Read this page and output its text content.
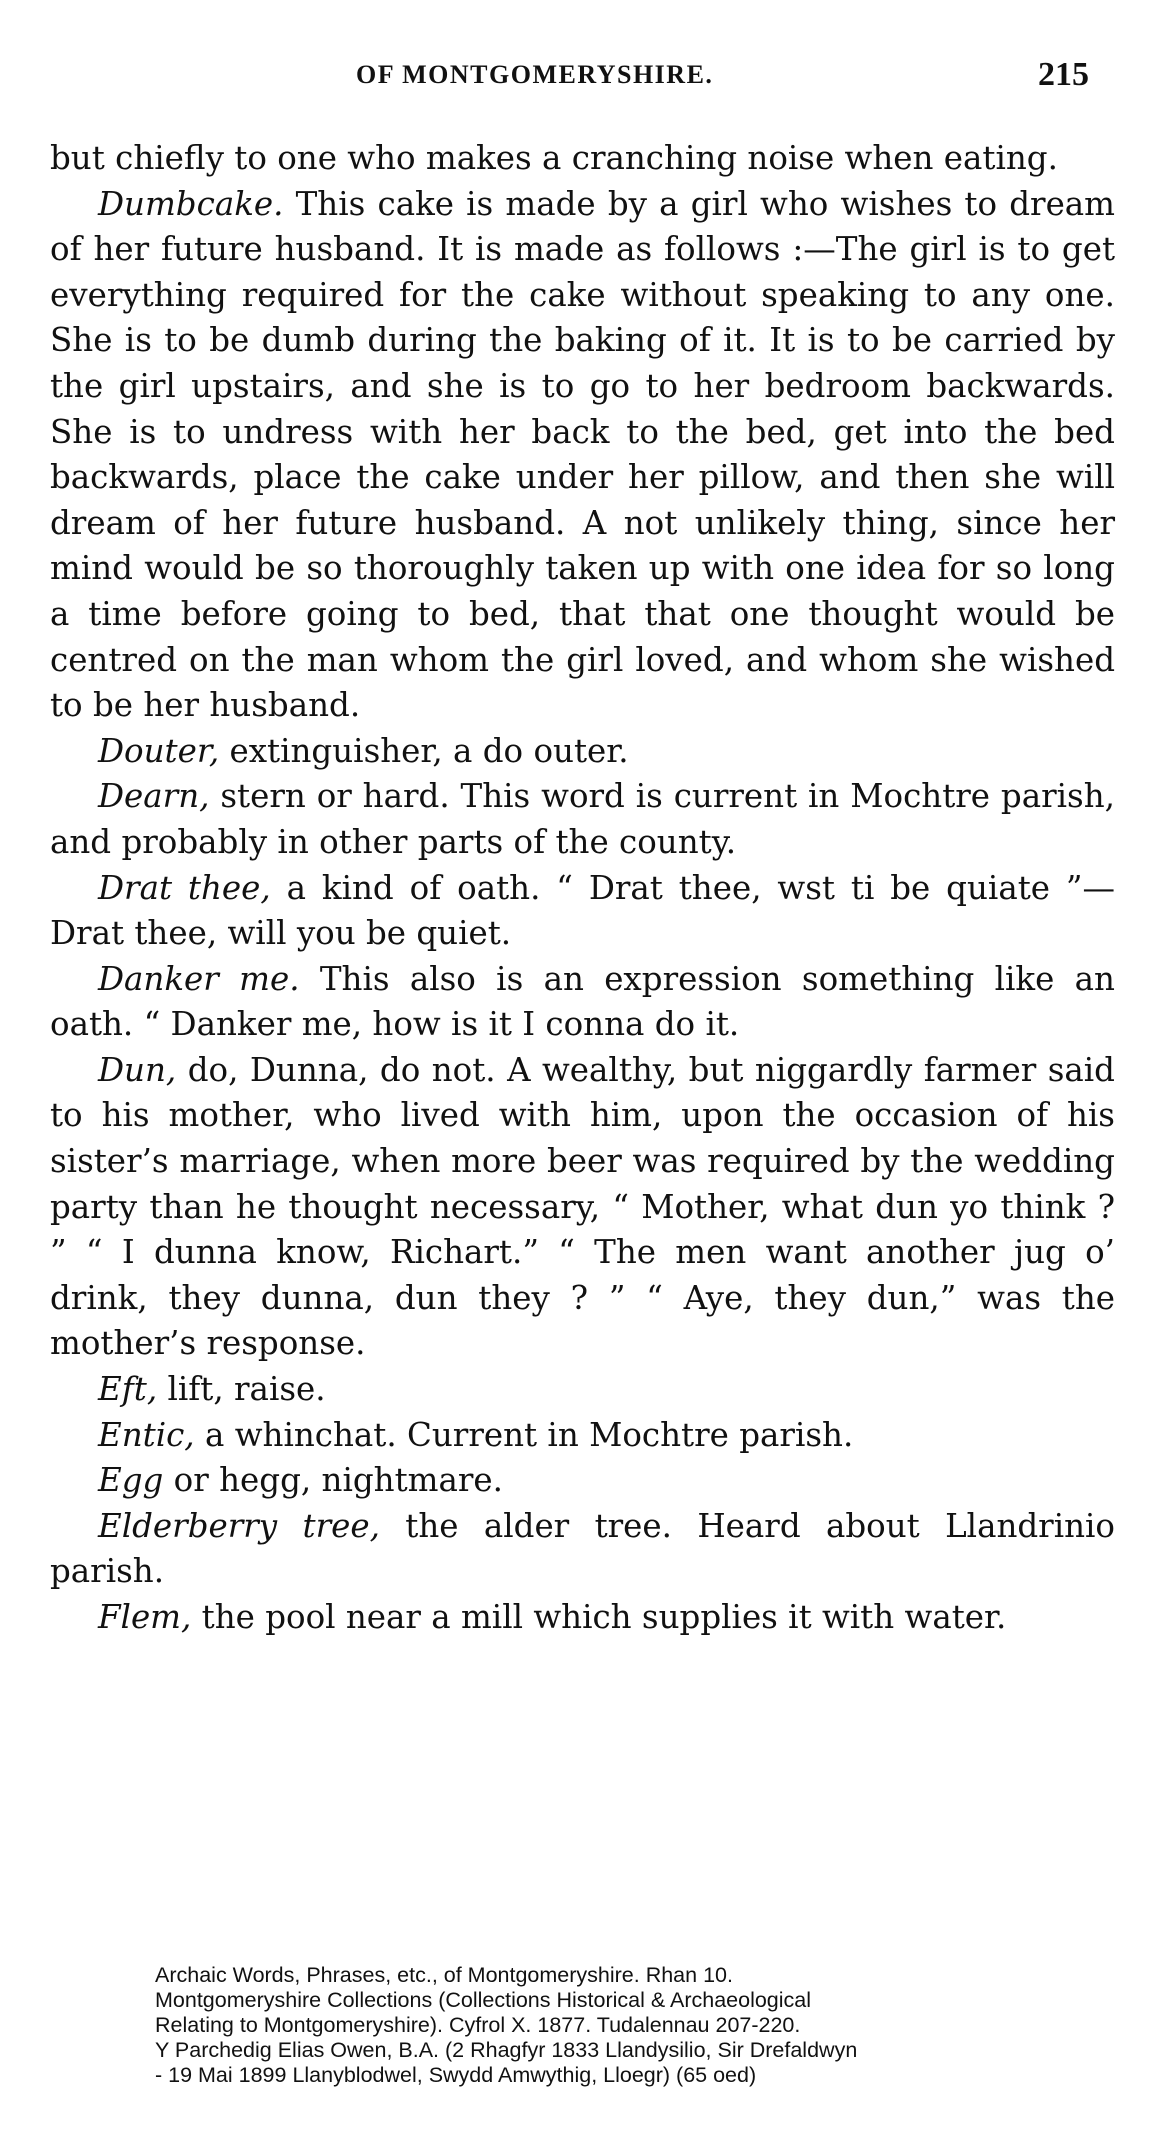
OF MONTGOMERYSHIRE.	215

but chiefly to one who makes a cranching noise when eating.

Dumbcake. This cake is made by a girl who wishes to dream of her future husband. It is made as follows :—The girl is to get everything required for the cake without speaking to any one. She is to be dumb during the baking of it. It is to be carried by the girl upstairs, and she is to go to her bedroom backwards. She is to undress with her back to the bed, get into the bed backwards, place the cake under her pillow, and then she will dream of her future husband. A not unlikely thing, since her mind would be so thoroughly taken up with one idea for so long a time before going to bed, that that one thought would be centred on the man whom the girl loved, and whom she wished to be her husband.

Douter, extinguisher, a do outer.

Dearn, stern or hard. This word is current in Mochtre parish, and probably in other parts of the county.

Drat thee, a kind of oath. “ Drat thee, wst ti be quiate ”—Drat thee, will you be quiet.

Danker me. This also is an expression something like an oath. “ Danker me, how is it I conna do it.

Dun, do, Dunna, do not. A wealthy, but niggardly farmer said to his mother, who lived with him, upon the occasion of his sister’s marriage, when more beer was required by the wedding party than he thought necessary, “ Mother, what dun yo think ? ” “ I dunna know, Richart.” “ The men want another jug o’ drink, they dunna, dun they ? ” “ Aye, they dun,” was the mother’s response.

Eft, lift, raise.

Entic, a whinchat. Current in Mochtre parish.

Egg or hegg, nightmare.

Elderberry tree, the alder tree. Heard about Llandrinio parish.

Flem, the pool near a mill which supplies it with water.

Archaic Words, Phrases, etc., of Montgomeryshire. Rhan 10.
Montgomeryshire Collections (Collections Historical & Archaeological
Relating to Montgomeryshire). Cyfrol X. 1877. Tudalennau 207-220.
Y Parchedig Elias Owen, B.A. (2 Rhagfyr 1833 Llandysilio, Sir Drefaldwyn
- 19 Mai 1899 Llanyblodwel, Swydd Amwythig, Lloegr) (65 oed)
